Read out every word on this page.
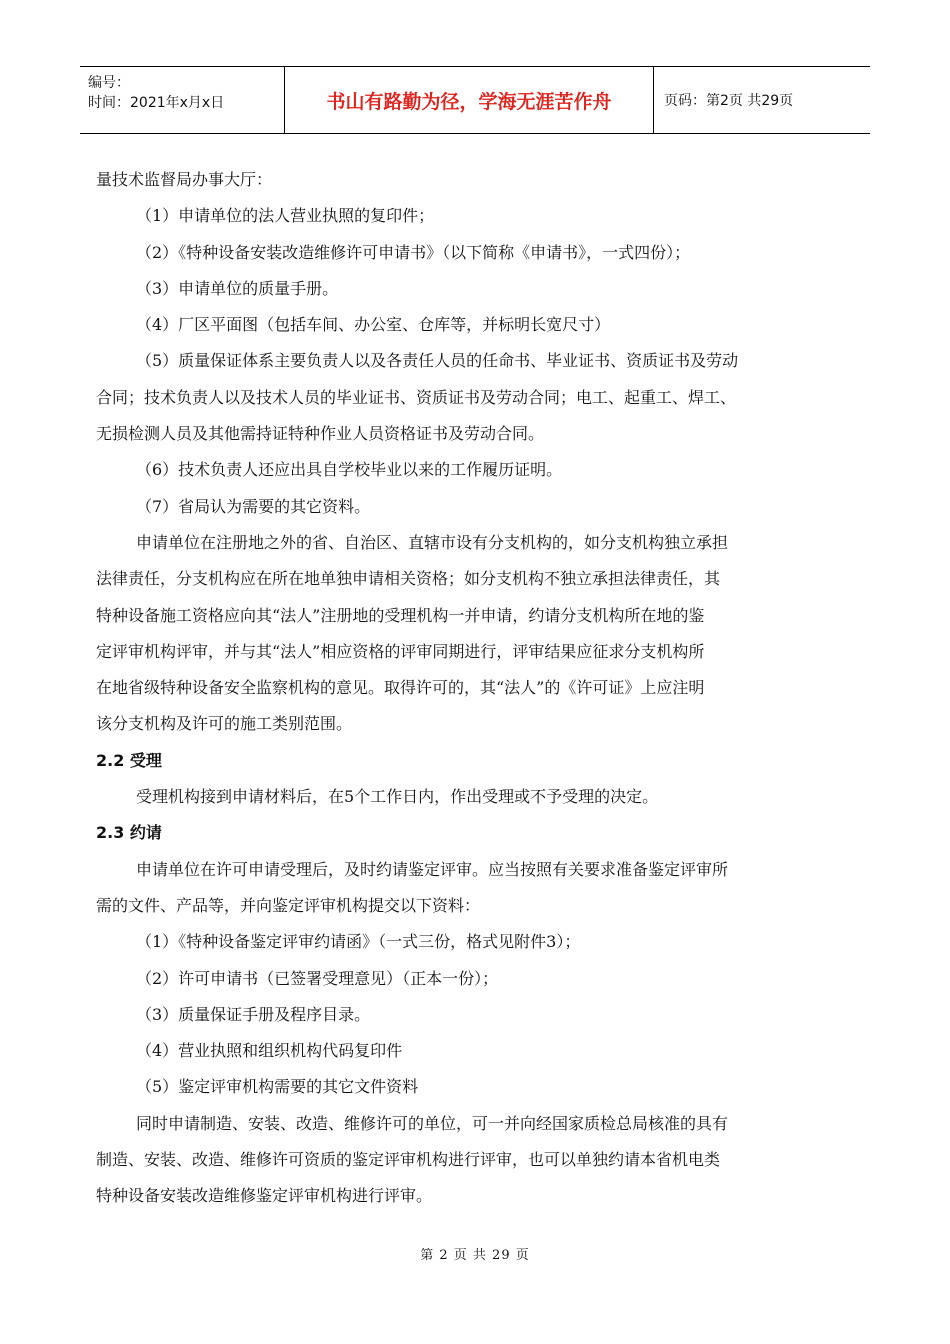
编号：
时间：2021年x月x日	书山有路勤为径，学海无涯苦作舟	页码：第2页 共29页

量技术监督局办事大厅：

（1）申请单位的法人营业执照的复印件；

（2）《特种设备安装改造维修许可申请书》（以下简称《申请书》，一式四份）；

（3）申请单位的质量手册。

（4）厂区平面图（包括车间、办公室、仓库等，并标明长宽尺寸）

（5）质量保证体系主要负责人以及各责任人员的任命书、毕业证书、资质证书及劳动

合同；技术负责人以及技术人员的毕业证书、资质证书及劳动合同；电工、起重工、焊工、

无损检测人员及其他需持证特种作业人员资格证书及劳动合同。

（6）技术负责人还应出具自学校毕业以来的工作履历证明。

（7）省局认为需要的其它资料。

申请单位在注册地之外的省、自治区、直辖市设有分支机构的，如分支机构独立承担

法律责任，分支机构应在所在地单独申请相关资格；如分支机构不独立承担法律责任，其

特种设备施工资格应向其“法人”注册地的受理机构一并申请，约请分支机构所在地的鉴

定评审机构评审，并与其“法人”相应资格的评审同期进行，评审结果应征求分支机构所

在地省级特种设备安全监察机构的意见。取得许可的，其“法人”的《许可证》上应注明

该分支机构及许可的施工类别范围。

2.2 受理

受理机构接到申请材料后，在5个工作日内，作出受理或不予受理的决定。

2.3 约请

申请单位在许可申请受理后，及时约请鉴定评审。应当按照有关要求准备鉴定评审所

需的文件、产品等，并向鉴定评审机构提交以下资料：

（1）《特种设备鉴定评审约请函》（一式三份，格式见附件3）；

（2）许可申请书（已签署受理意见）（正本一份）；

（3）质量保证手册及程序目录。

（4）营业执照和组织机构代码复印件

（5）鉴定评审机构需要的其它文件资料

同时申请制造、安装、改造、维修许可的单位，可一并向经国家质检总局核准的具有

制造、安装、改造、维修许可资质的鉴定评审机构进行评审，也可以单独约请本省机电类

特种设备安装改造维修鉴定评审机构进行评审。

第 2 页 共 29 页
